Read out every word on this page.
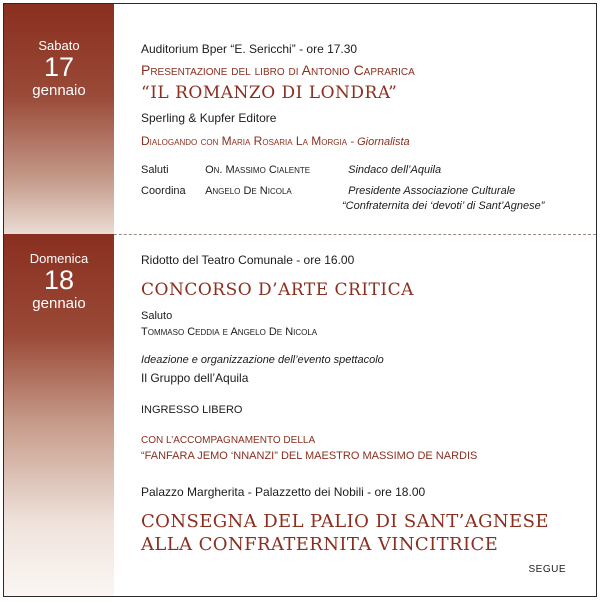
Sabato
17
gennaio
Auditorium Bper “E. Sericchi” - ore 17.30
Presentazione del libro di Antonio Caprarica
“IL ROMANZO DI LONDRA”
Sperling & Kupfer Editore
Dialogando con Maria Rosaria La Morgia - Giornalista
Saluti	On. Massimo Cialente	Sindaco dell’Aquila
Coordina Angelo De Nicola	Presidente Associazione Culturale
“Confraternita dei ‘devoti’ di Sant’Agnese”
Domenica
18
gennaio
Ridotto del Teatro Comunale - ore 16.00
CONCORSO D’ARTE CRITICA
Saluto
Tommaso Ceddia e Angelo De Nicola
Ideazione e organizzazione dell’evento spettacolo
Il Gruppo dell’Aquila
INGRESSO LIBERO
CON L’ACCOMPAGNAMENTO DELLA
“FANFARA JEMO ‘NNANZI” DEL MAESTRO MASSIMO DE NARDIS
Palazzo Margherita - Palazzetto dei Nobili - ore 18.00
CONSEGNA DEL PALIO DI SANT’AGNESE
ALLA CONFRATERNITA VINCITRICE
SEGUE
